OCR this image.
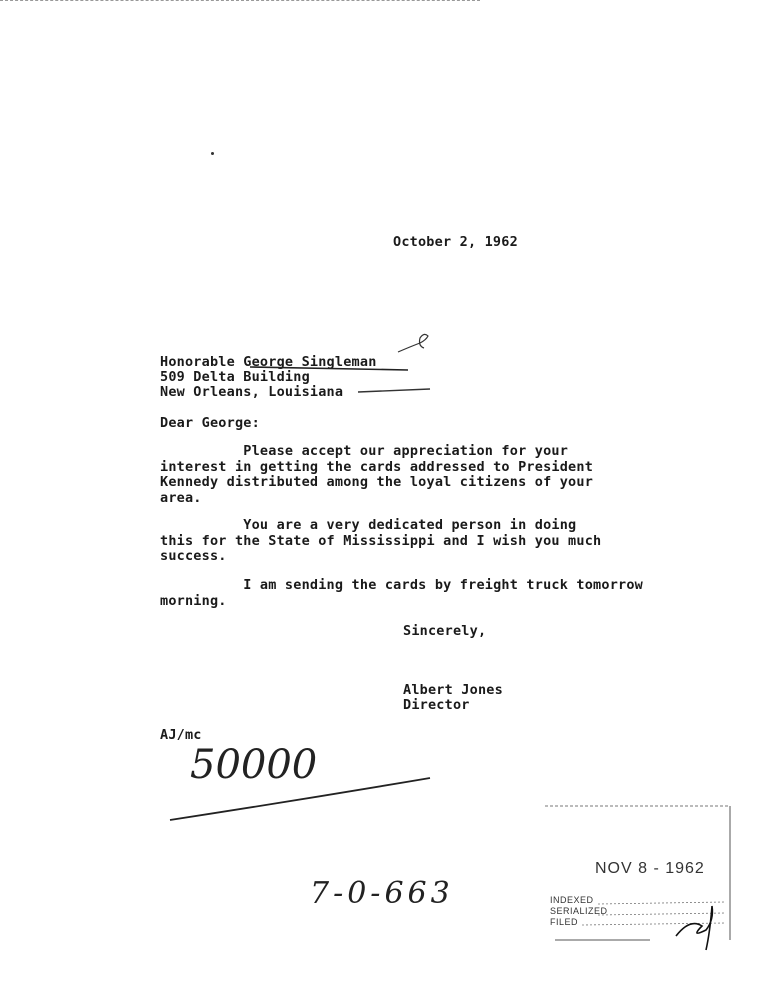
October 2, 1962
Honorable George Singleman
509 Delta Building
New Orleans, Louisiana
Dear George:
Please accept our appreciation for your
interest in getting the cards addressed to President
Kennedy distributed among the loyal citizens of your
area.
You are a very dedicated person in doing
this for the State of Mississippi and I wish you much
success.
I am sending the cards by freight truck tomorrow
morning.
Sincerely,
Albert Jones
Director
AJ/mc
50000
7-0-663
NOV 8 - 1962
INDEXED
SERIALIZED
FILED
